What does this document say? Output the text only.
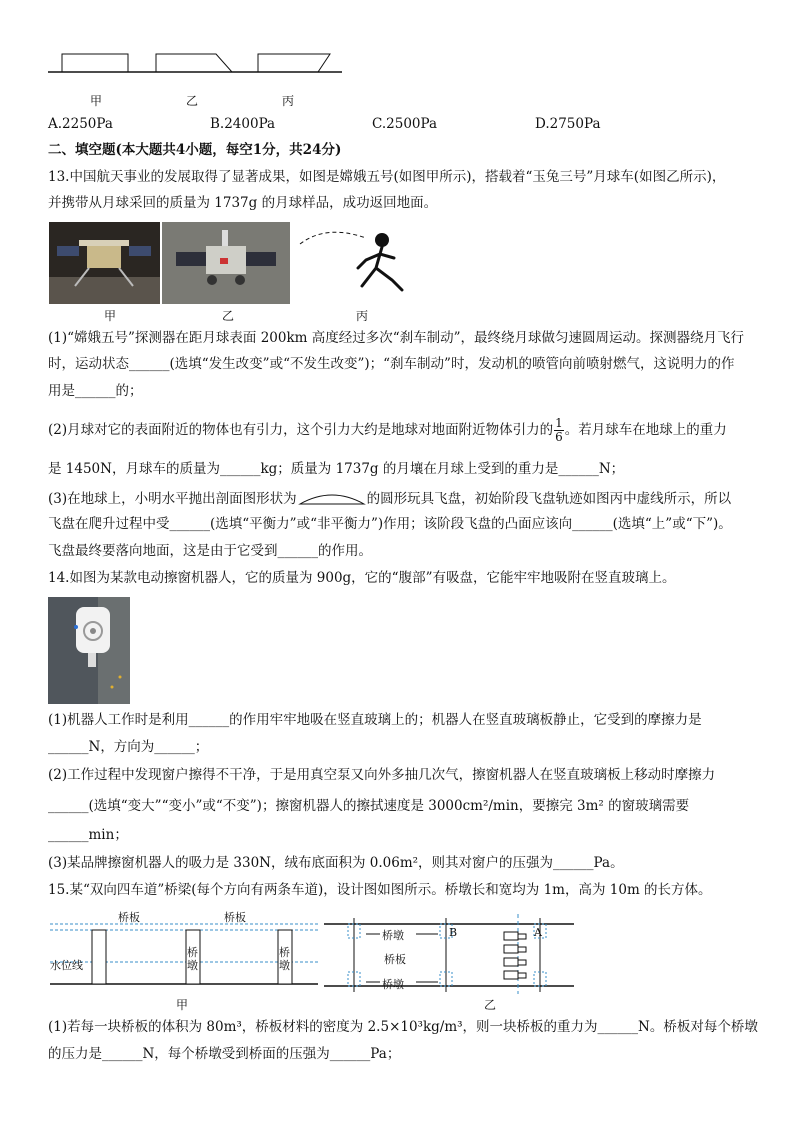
甲	乙	丙
A.2250Pa	B.2400Pa	C.2500Pa	D.2750Pa
二、填空题(本大题共4小题，每空1分，共24分)
13.中国航天事业的发展取得了显著成果，如图是嫦娥五号(如图甲所示)，搭载着“玉兔三号”月球车(如图乙所示)，
并携带从月球采回的质量为 1737g 的月球样品，成功返回地面。
甲	乙	丙
(1)“嫦娥五号”探测器在距月球表面 200km 高度经过多次“刹车制动”，最终绕月球做匀速圆周运动。探测器绕月飞行
时，运动状态______(选填“发生改变”或“不发生改变”)；“刹车制动”时，发动机的喷管向前喷射燃气，这说明力的作
用是______的；
(2)月球对它的表面附近的物体也有引力，这个引力大约是地球对地面附近物体引力的 $\frac{1}{6}$ 。若月球车在地球上的重力
是 1450N，月球车的质量为______kg；质量为 1737g 的月壤在月球上受到的重力是______N；
(3)在地球上，小明水平抛出剖面图形状为	的圆形玩具飞盘，初始阶段飞盘轨迹如图丙中虚线所示，所以
飞盘在爬升过程中受______(选填“平衡力”或“非平衡力”)作用；该阶段飞盘的凸面应该向______(选填“上”或“下”)。
飞盘最终要落向地面，这是由于它受到______的作用。
14.如图为某款电动擦窗机器人，它的质量为 900g，它的“腹部”有吸盘，它能牢牢地吸附在竖直玻璃上。
(1)机器人工作时是利用______的作用牢牢地吸在竖直玻璃上的；机器人在竖直玻璃板静止，它受到的摩擦力是
______N，方向为______；
(2)工作过程中发现窗户擦得不干净，于是用真空泵又向外多抽几次气，擦窗机器人在竖直玻璃板上移动时摩擦力
______(选填“变大”“变小”或“不变”)；擦窗机器人的擦拭速度是 3000cm²/min，要擦完 3m² 的窗玻璃需要
______min；
(3)某品牌擦窗机器人的吸力是 330N，绒布底面积为 0.06m²，则其对窗户的压强为______Pa。
15.某“双向四车道”桥梁(每个方向有两条车道)，设计图如图所示。桥墩长和宽均为 1m，高为 10m 的长方体。
桥板	桥板
水位线
桥墩
桥墩
甲
桥墩
桥板
桥墩
B	A
乙
(1)若每一块桥板的体积为 80m³，桥板材料的密度为 2.5×10³kg/m³，则一块桥板的重力为______N。桥板对每个桥墩
的压力是______N，每个桥墩受到桥面的压强为______Pa；
